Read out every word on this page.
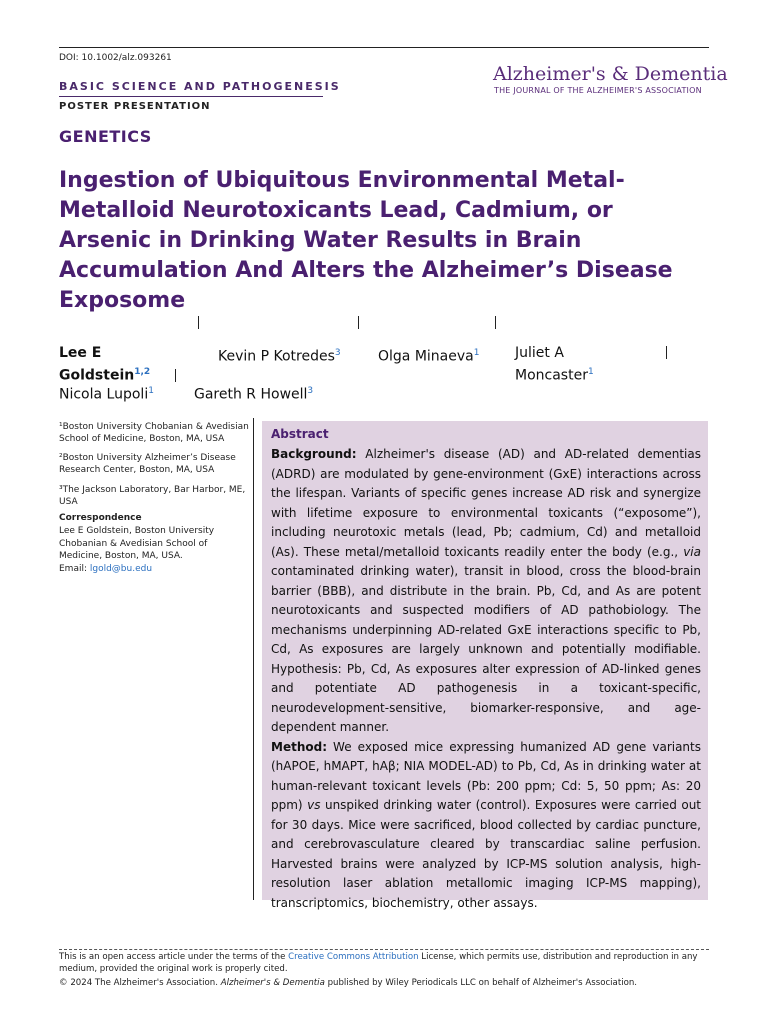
DOI: 10.1002/alz.093261
BASIC SCIENCE AND PATHOGENESIS
POSTER PRESENTATION
Alzheimer's & Dementia
THE JOURNAL OF THE ALZHEIMER'S ASSOCIATION
GENETICS
Ingestion of Ubiquitous Environmental Metal-
Metalloid Neurotoxicants Lead, Cadmium, or
Arsenic in Drinking Water Results in Brain
Accumulation And Alters the Alzheimer’s Disease
Exposome
Lee E
Goldstein$^{1,2}$
Kevin P Kotredes$^3$	Olga Minaeva$^1$	Juliet A
Moncaster$^1$
Nicola Lupoli$^1$	Gareth R Howell$^3$
¹Boston University Chobanian & Avedisian School of Medicine, Boston, MA, USA
²Boston University Alzheimer’s Disease Research Center, Boston, MA, USA
³The Jackson Laboratory, Bar Harbor, ME, USA
Correspondence
Lee E Goldstein, Boston University
Chobanian & Avedisian School of
Medicine, Boston, MA, USA.
Email: lgold@bu.edu
Abstract

Background: Alzheimer's disease (AD) and AD-related dementias (ADRD) are modulated by gene-environment (GxE) interactions across the lifespan. Variants of specific genes increase AD risk and synergize with lifetime exposure to environmental toxicants (“exposome”), including neurotoxic metals (lead, Pb; cadmium, Cd) and metalloid (As). These metal/metalloid toxicants readily enter the body (e.g., via contaminated drinking water), transit in blood, cross the blood-brain barrier (BBB), and distribute in the brain. Pb, Cd, and As are potent neurotoxicants and suspected modifiers of AD pathobiology. The mechanisms underpinning AD-related GxE interactions specific to Pb, Cd, As exposures are largely unknown and potentially modifiable. Hypothesis: Pb, Cd, As exposures alter expression of AD-linked genes and potentiate AD pathogenesis in a toxicant-specific, neurodevelopment-sensitive, biomarker-responsive, and age-dependent manner.

Method: We exposed mice expressing humanized AD gene variants (hAPOE, hMAPT, hAβ; NIA MODEL-AD) to Pb, Cd, As in drinking water at human-relevant toxicant levels (Pb: 200 ppm; Cd: 5, 50 ppm; As: 20 ppm) vs unspiked drinking water (control). Exposures were carried out for 30 days. Mice were sacrificed, blood collected by cardiac puncture, and cerebrovasculature cleared by transcardiac saline perfusion. Harvested brains were analyzed by ICP-MS solution analysis, high-resolution laser ablation metallomic imaging ICP-MS mapping), transcriptomics, biochemistry, other assays.

This is an open access article under the terms of the Creative Commons Attribution License, which permits use, distribution and reproduction in any medium, provided the original work is properly cited.
© 2024 The Alzheimer's Association. Alzheimer's & Dementia published by Wiley Periodicals LLC on behalf of Alzheimer's Association.
